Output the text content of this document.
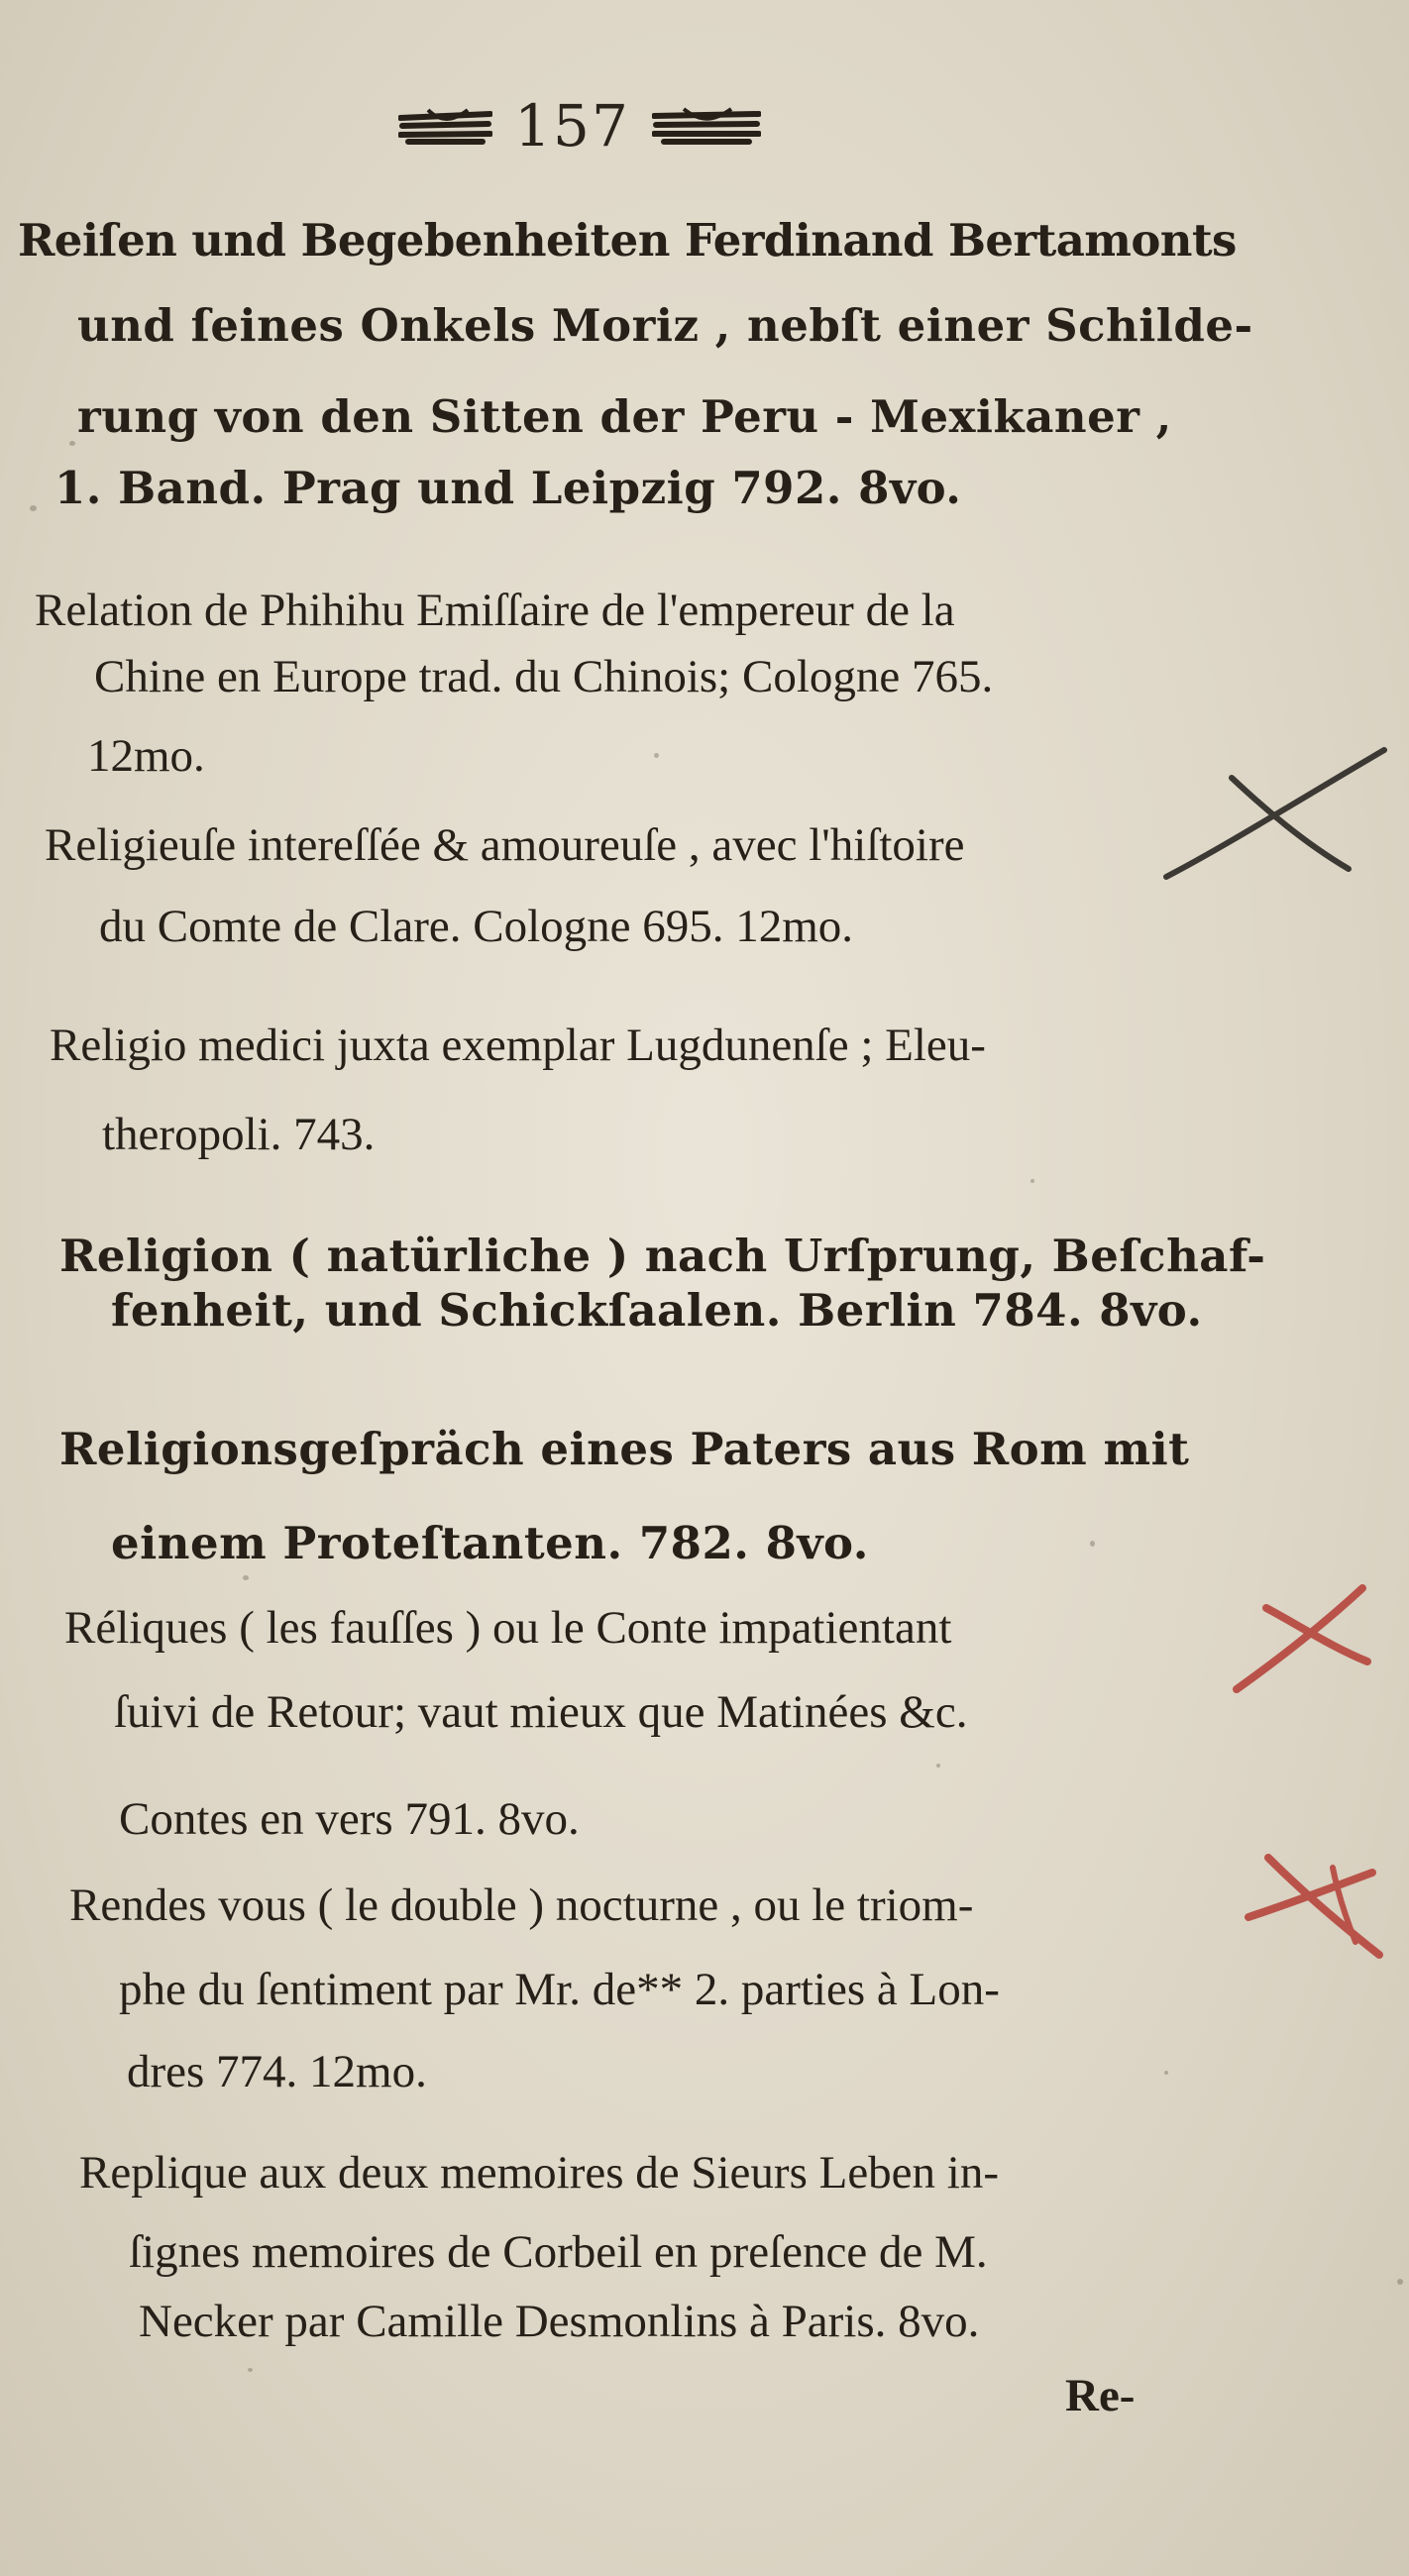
157
Reiſen und Begebenheiten Ferdinand Bertamonts
und ſeines Onkels Moriz , nebſt einer Schilde-
rung von den Sitten der Peru - Mexikaner ,
1. Band. Prag und Leipzig 792. 8vo.
Relation de Phihihu Emiſſaire de l'empereur de la
Chine en Europe trad. du Chinois; Cologne 765.
12mo.
Religieuſe intereſſée & amoureuſe , avec l'hiſtoire
du Comte de Clare. Cologne 695. 12mo.
Religio medici juxta exemplar Lugdunenſe ; Eleu-
theropoli. 743.
Religion ( natürliche ) nach Urſprung, Beſchaf-
fenheit, und Schickſaalen. Berlin 784. 8vo.
Religionsgeſpräch eines Paters aus Rom mit
einem Proteſtanten. 782. 8vo.
Réliques ( les fauſſes ) ou le Conte impatientant
ſuivi de Retour; vaut mieux que Matinées &c.
Contes en vers 791. 8vo.
Rendes vous ( le double ) nocturne , ou le triom-
phe du ſentiment par Mr. de** 2. parties à Lon-
dres 774. 12mo.
Replique aux deux memoires de Sieurs Leben in-
ſignes memoires de Corbeil en preſence de M.
Necker par Camille Desmonlins à Paris. 8vo.
Re-
